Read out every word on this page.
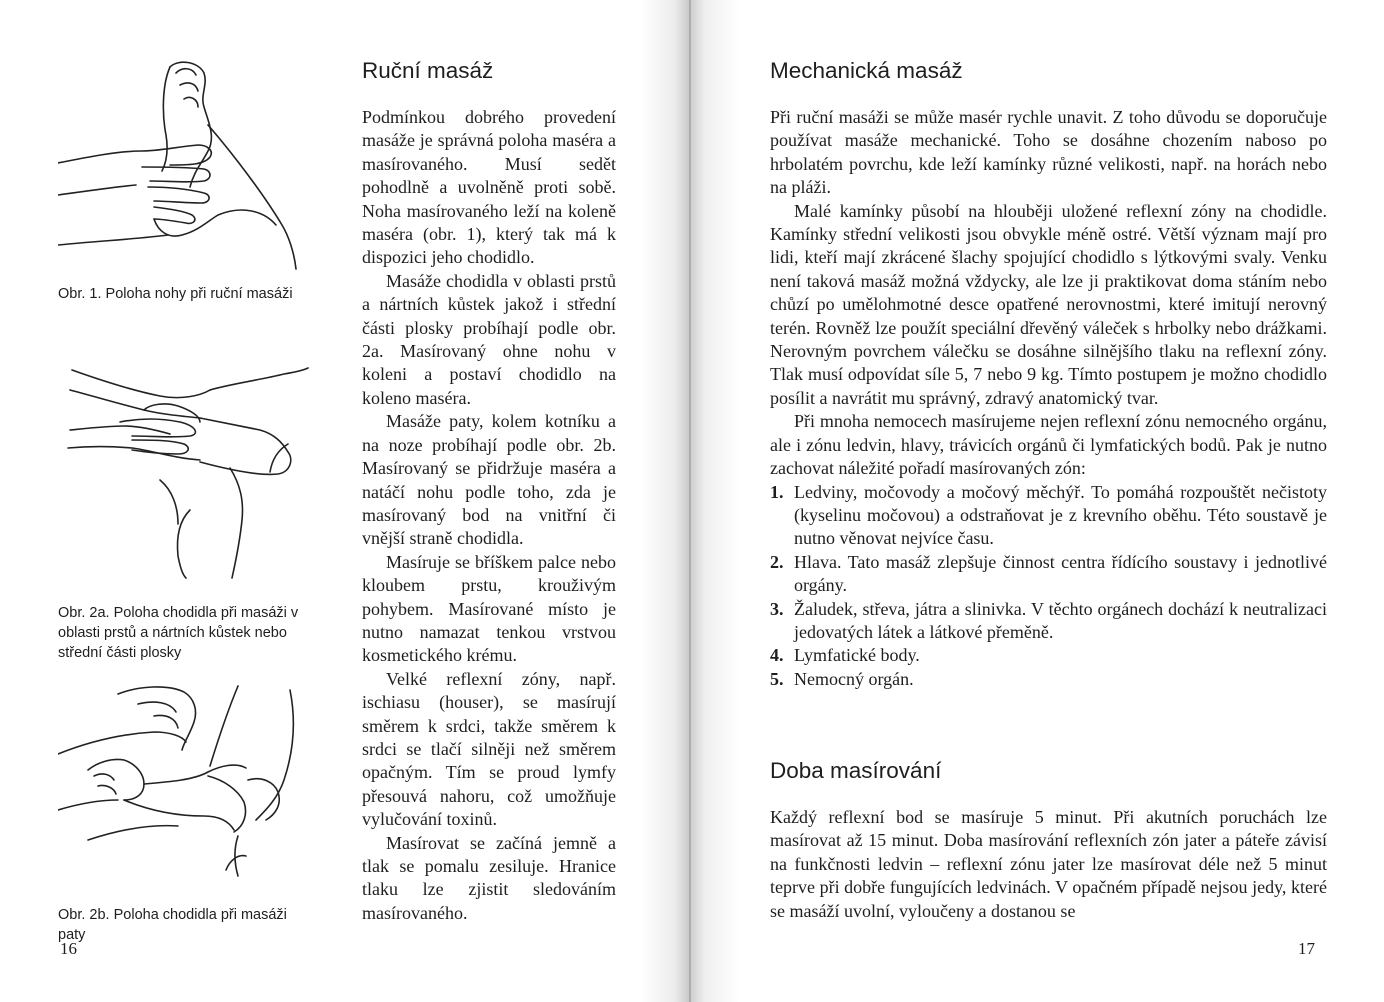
Obr. 1. Poloha nohy při ruční masáži
Obr. 2a. Poloha chodidla při masáži v oblasti prstů a nártních kůstek nebo střední části plosky
Obr. 2b. Poloha chodidla při masáži paty
Ruční masáž

Podmínkou dobrého provedení masáže je správná poloha maséra a masírovaného. Musí sedět pohodlně a uvolněně proti sobě. Noha masírovaného leží na koleně maséra (obr. 1), který tak má k dispozici jeho chodidlo.

Masáže chodidla v oblasti prstů a nártních kůstek jakož i střední části plosky probíhají podle obr. 2a. Masírovaný ohne nohu v koleni a postaví chodidlo na koleno maséra.

Masáže paty, kolem kotníku a na noze probíhají podle obr. 2b. Masírovaný se přidržuje maséra a natáčí nohu podle toho, zda je masírovaný bod na vnitřní či vnější straně chodidla.

Masíruje se bříškem palce nebo kloubem prstu, krouživým pohybem. Masírované místo je nutno namazat tenkou vrstvou kosmetického krému.

Velké reflexní zóny, např. ischiasu (houser), se masírují směrem k srdci, takže směrem k srdci se tlačí silněji než směrem opačným. Tím se proud lymfy přesouvá nahoru, což umožňuje vylučování toxinů.

Masírovat se začíná jemně a tlak se pomalu zesiluje. Hranice tlaku lze zjistit sledováním masírovaného.

16
Mechanická masáž

Při ruční masáži se může masér rychle unavit. Z toho důvodu se doporučuje používat masáže mechanické. Toho se dosáhne chozením naboso po hrbolatém povrchu, kde leží kamínky různé velikosti, např. na horách nebo na pláži.

Malé kamínky působí na hlouběji uložené reflexní zóny na chodidle. Kamínky střední velikosti jsou obvykle méně ostré. Větší význam mají pro lidi, kteří mají zkrácené šlachy spojující chodidlo s lýtkovými svaly. Venku není taková masáž možná vždycky, ale lze ji praktikovat doma stáním nebo chůzí po umělohmotné desce opatřené nerovnostmi, které imitují nerovný terén. Rovněž lze použít speciální dřevěný váleček s hrbolky nebo drážkami. Nerovným povrchem válečku se dosáhne silnějšího tlaku na reflexní zóny. Tlak musí odpovídat síle 5, 7 nebo 9 kg. Tímto postupem je možno chodidlo posílit a navrátit mu správný, zdravý anatomický tvar.

Při mnoha nemocech masírujeme nejen reflexní zónu nemocného orgánu, ale i zónu ledvin, hlavy, trávicích orgánů či lymfatických bodů. Pak je nutno zachovat náležité pořadí masírovaných zón:

1. Ledviny, močovody a močový měchýř. To pomáhá rozpouštět nečistoty (kyselinu močovou) a odstraňovat je z krevního oběhu. Této soustavě je nutno věnovat nejvíce času.
2. Hlava. Tato masáž zlepšuje činnost centra řídícího soustavy i jednotlivé orgány.
3. Žaludek, střeva, játra a slinivka. V těchto orgánech dochází k neutralizaci jedovatých látek a látkové přeměně.
4. Lymfatické body.
5. Nemocný orgán.
Doba masírování

Každý reflexní bod se masíruje 5 minut. Při akutních poruchách lze masírovat až 15 minut. Doba masírování reflexních zón jater a páteře závisí na funkčnosti ledvin – reflexní zónu jater lze masírovat déle než 5 minut teprve při dobře fungujících ledvinách. V opačném případě nejsou jedy, které se masáží uvolní, vyloučeny a dostanou se

17
